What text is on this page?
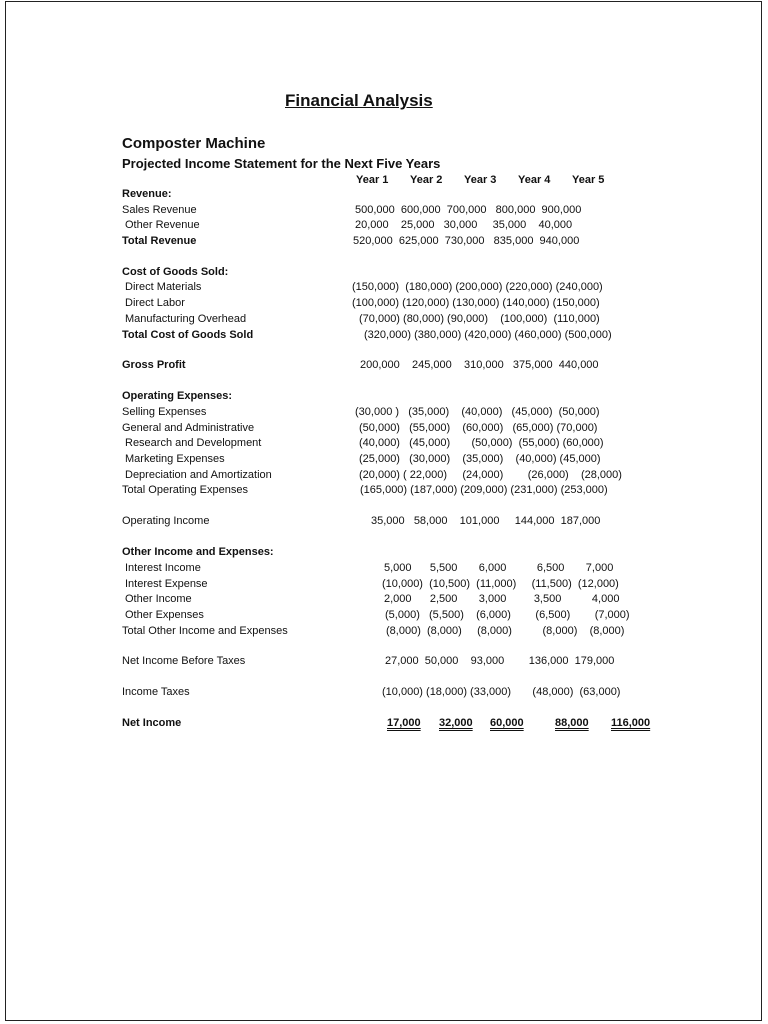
Financial Analysis
Composter Machine
Projected Income Statement for the Next Five Years
Year 1 Year 2 Year 3 Year 4 Year 5
Revenue:
Sales Revenue	500,000  600,000  700,000   800,000  900,000
Other Revenue	20,000    25,000   30,000     35,000    40,000
Total Revenue	520,000  625,000  730,000   835,000  940,000
Cost of Goods Sold:
Direct Materials	(150,000)  (180,000) (200,000) (220,000) (240,000)
Direct Labor	(100,000) (120,000) (130,000) (140,000) (150,000)
Manufacturing Overhead	(70,000) (80,000) (90,000)    (100,000)  (110,000)
Total Cost of Goods Sold	(320,000) (380,000) (420,000) (460,000) (500,000)
Gross Profit	200,000    245,000    310,000   375,000  440,000
Operating Expenses:
Selling Expenses	(30,000 )   (35,000)    (40,000)   (45,000)  (50,000)
General and Administrative	(50,000)   (55,000)    (60,000)   (65,000) (70,000)
Research and Development	(40,000)   (45,000)       (50,000)  (55,000) (60,000)
Marketing Expenses	(25,000)   (30,000)    (35,000)    (40,000) (45,000)
Depreciation and Amortization	(20,000) ( 22,000)     (24,000)        (26,000)    (28,000)
Total Operating Expenses	(165,000) (187,000) (209,000) (231,000) (253,000)
Operating Income	35,000   58,000    101,000     144,000  187,000
Other Income and Expenses:
Interest Income	5,000      5,500       6,000          6,500       7,000
Interest Expense	(10,000)  (10,500)  (11,000)     (11,500)  (12,000)
Other Income	2,000      2,500       3,000         3,500          4,000
Other Expenses	(5,000)   (5,500)    (6,000)        (6,500)        (7,000)
Total Other Income and Expenses	(8,000)  (8,000)     (8,000)          (8,000)    (8,000)
Net Income Before Taxes	27,000  50,000    93,000        136,000  179,000
Income Taxes	(10,000) (18,000) (33,000)       (48,000)  (63,000)
Net Income	17,000 32,000 60,000	88,000 116,000
